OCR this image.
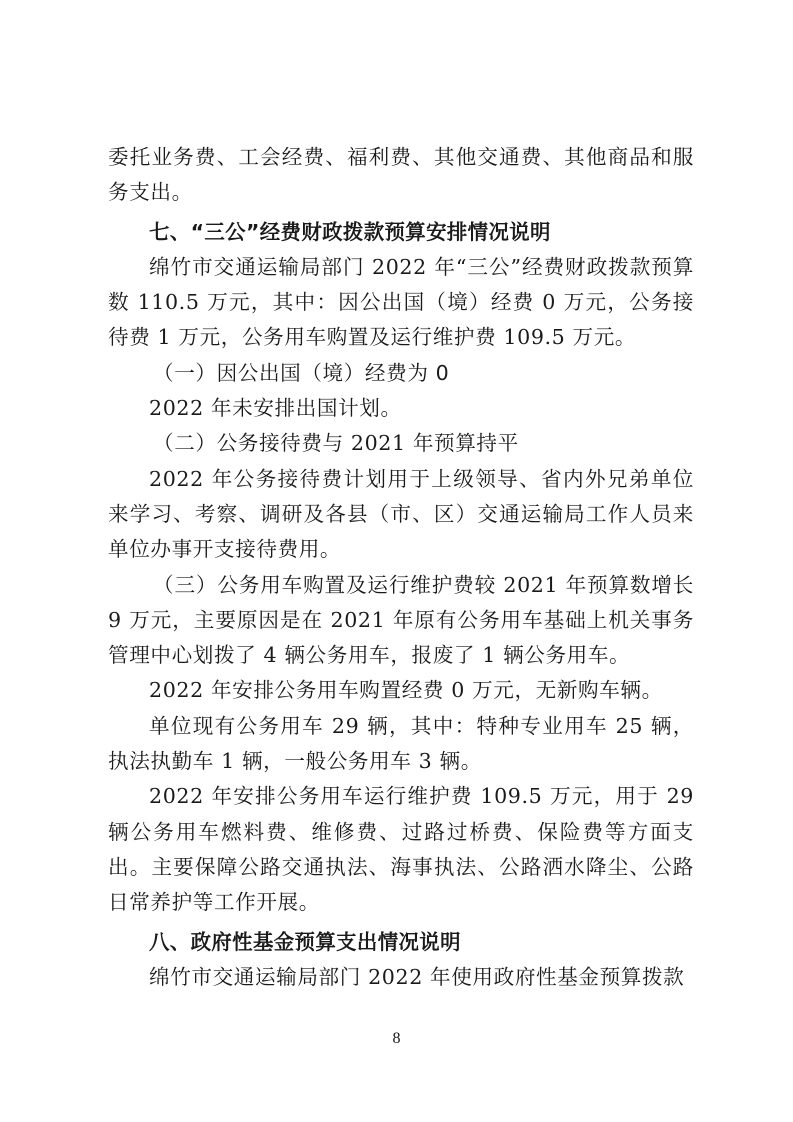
委托业务费、工会经费、福利费、其他交通费、其他商品和服务支出。

七、“三公”经费财政拨款预算安排情况说明

绵竹市交通运输局部门 2022 年“三公”经费财政拨款预算数 110.5 万元，其中：因公出国（境）经费 0 万元，公务接待费 1 万元，公务用车购置及运行维护费 109.5 万元。

（一）因公出国（境）经费为 0

2022 年未安排出国计划。

（二）公务接待费与 2021 年预算持平

2022 年公务接待费计划用于上级领导、省内外兄弟单位来学习、考察、调研及各县（市、区）交通运输局工作人员来单位办事开支接待费用。

（三）公务用车购置及运行维护费较 2021 年预算数增长 9 万元，主要原因是在 2021 年原有公务用车基础上机关事务管理中心划拨了 4 辆公务用车，报废了 1 辆公务用车。

2022 年安排公务用车购置经费 0 万元，无新购车辆。

单位现有公务用车 29 辆，其中：特种专业用车 25 辆，执法执勤车 1 辆，一般公务用车 3 辆。

2022 年安排公务用车运行维护费 109.5 万元，用于 29 辆公务用车燃料费、维修费、过路过桥费、保险费等方面支出。主要保障公路交通执法、海事执法、公路洒水降尘、公路日常养护等工作开展。

八、政府性基金预算支出情况说明

绵竹市交通运输局部门 2022 年使用政府性基金预算拨款

8
